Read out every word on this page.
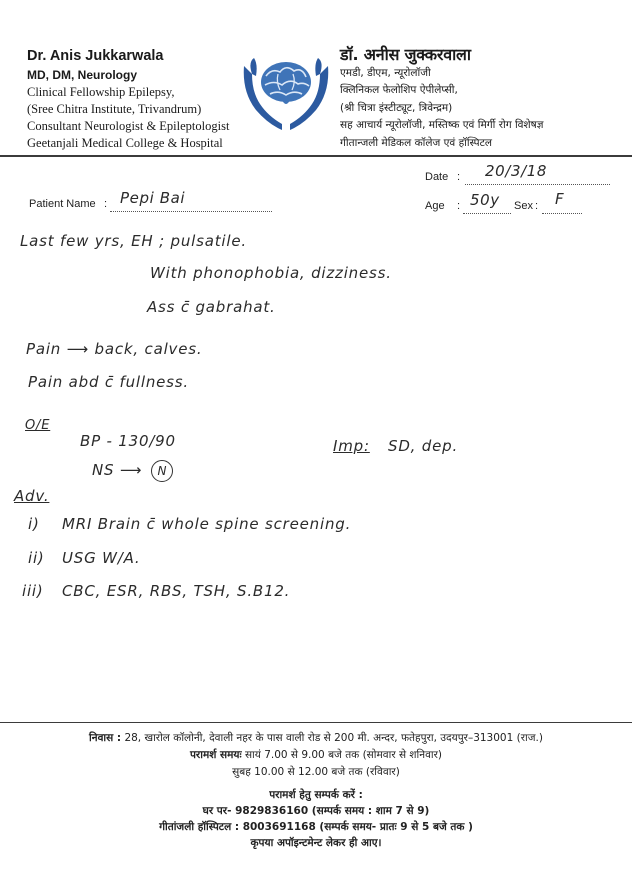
Dr. Anis Jukkarwala
MD, DM, Neurology
Clinical Fellowship Epilepsy,
(Sree Chitra Institute, Trivandrum)
Consultant Neurologist & Epileptologist
Geetanjali Medical College & Hospital
डॉ. अनीस जुक्करवाला
एमडी, डीएम, न्यूरोलॉजी
क्लिनिकल फेलोशिप ऐपीलेप्सी,
(श्री चित्रा इंस्टीट्यूट, त्रिवेन्द्रम)
सह आचार्य न्यूरोलॉजी, मस्तिष्क एवं मिर्गी रोग विशेषज्ञ
गीतान्जली मेडिकल कॉलेज एवं हॉस्पिटल
Date : 20/3/18
Patient Name : Pepi Bai	Age : 50y Sex : F
Last few yrs, EH ; pulsatile.
With phonophobia, dizziness.
Ass c̄ gabrahat.
Pain ⟶ back, calves.
Pain abd c̄ fullness.
O/E
BP - 130/90
NS ⟶	N
Imp: SD, dep.
Adv.
i) MRI Brain c̄ whole spine screening.
ii) USG W/A.
iii) CBC, ESR, RBS, TSH, S.B12.
निवास : 28, खारोल कॉलोनी, देवाली नहर के पास वाली रोड से 200 मी. अन्दर, फतेहपुरा, उदयपुर–313001 (राज.)
परामर्श समयः सायं 7.00 से 9.00 बजे तक (सोमवार से शनिवार)
सुबह 10.00 से 12.00 बजे तक (रविवार)
परामर्श हेतु सम्पर्क करें :
घर पर- 9829836160 (सम्पर्क समय : शाम 7 से 9)
गीतांजली हॉस्पिटल : 8003691168 (सम्पर्क समय- प्रातः 9 से 5 बजे तक )
कृपया अपॉइन्टमेन्ट लेकर ही आए।
